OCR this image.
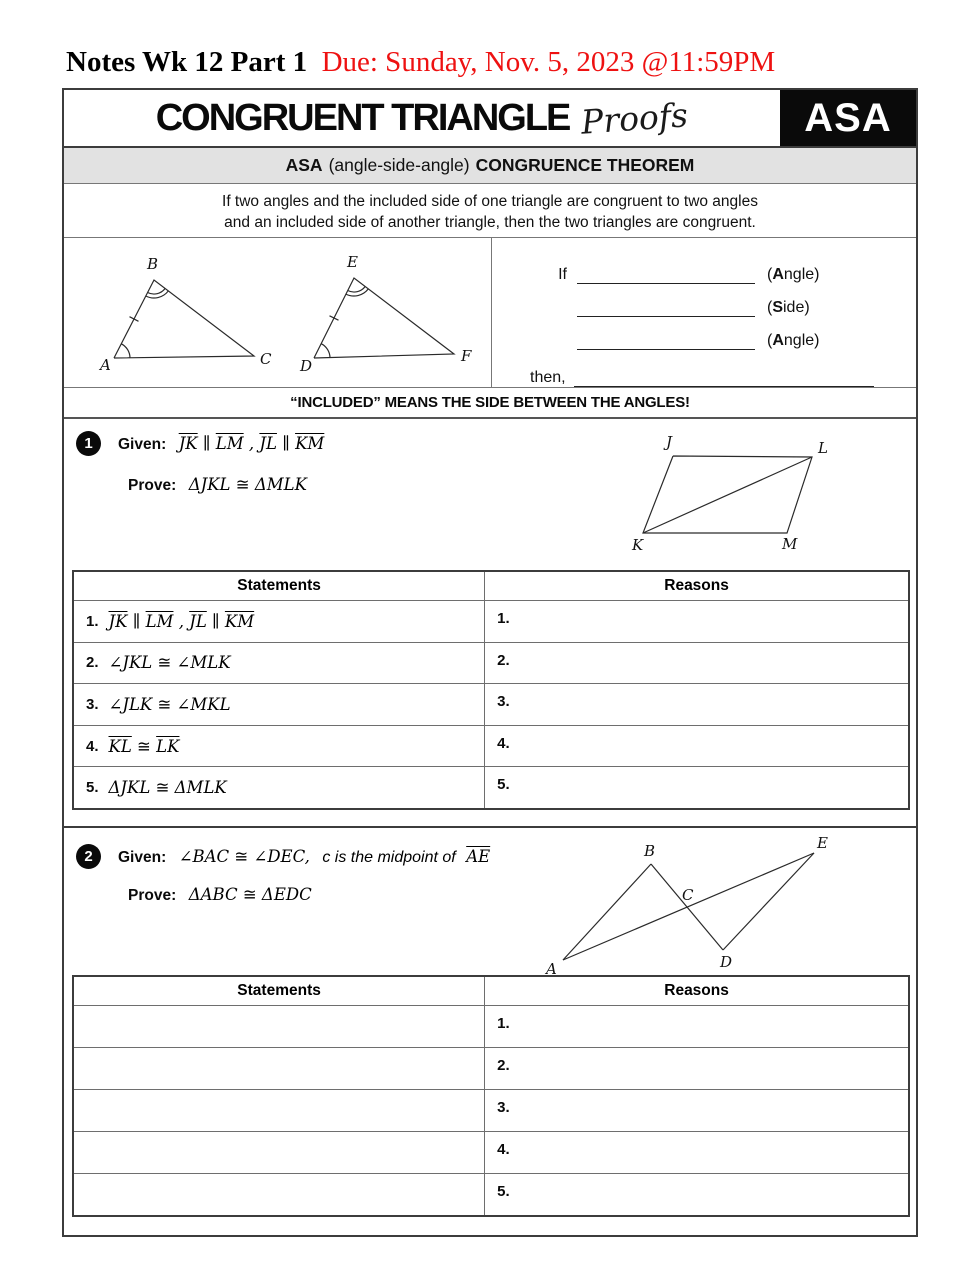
Notes Wk 12 Part 1 Due: Sunday, Nov. 5, 2023 @11:59PM
CONGRUENT TRIANGLE Proofs	ASA
ASA (angle-side-angle) CONGRUENCE THEOREM
If two angles and the included side of one triangle are congruent to two angles
and an included side of another triangle, then the two triangles are congruent.
A
B
C D
E
F
If	(Angle)
(Side)
(Angle)
then,
“INCLUDED” MEANS THE SIDE BETWEEN THE ANGLES!
1	Given: $\overline{JK}$ ∥ $\overline{LM}$ , $\overline{JL}$ ∥ $\overline{KM}$
Prove: ΔJKL ≅ ΔMLK
J	L
K	M
Statements	Reasons
1. $\overline{JK}$ ∥ $\overline{LM}$ , $\overline{JL}$ ∥ $\overline{KM}$	1.
2. ∠JKL ≅ ∠MLK	2.
3. ∠JLK ≅ ∠MKL	3.
4. $\overline{KL}$ ≅ $\overline{LK}$	4.
5. ΔJKL ≅ ΔMLK	5.
2	Given: ∠BAC ≅ ∠DEC, c is the midpoint of $\overline{AE}$
Prove: ΔABC ≅ ΔEDC
B	E
C
A	D
Statements	Reasons
1.
2.
3.
4.
5.
